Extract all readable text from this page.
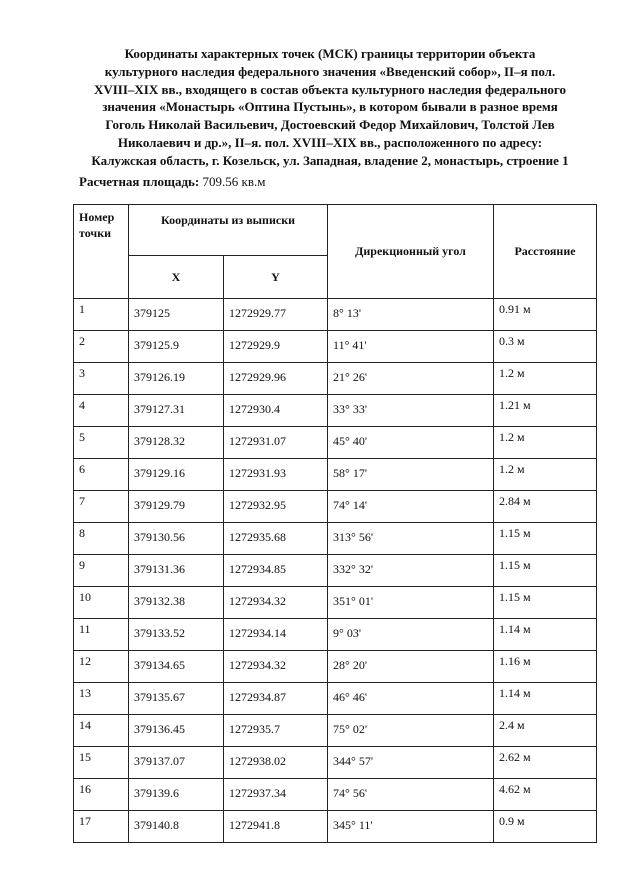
Координаты характерных точек (МСК) границы территории объекта
культурного наследия федерального значения «Введенский собор», II–я пол.
XVIII–XIX вв., входящего в состав объекта культурного наследия федерального
значения «Монастырь «Оптина Пустынь», в котором бывали в разное время
Гоголь Николай Васильевич, Достоевский Федор Михайлович, Толстой Лев
Николаевич и др.», II–я. пол. XVIII–XIX вв., расположенного по адресу:
Калужская область, г. Козельск, ул. Западная, владение 2, монастырь, строение 1
Расчетная площадь: 709.56 кв.м
Номер точки	Координаты из выписки		Дирекционный угол	Расстояние
	X	Y		
1	379125	1272929.77	8° 13'	0.91 м
2	379125.9	1272929.9	11° 41'	0.3 м
3	379126.19	1272929.96	21° 26'	1.2 м
4	379127.31	1272930.4	33° 33'	1.21 м
5	379128.32	1272931.07	45° 40'	1.2 м
6	379129.16	1272931.93	58° 17'	1.2 м
7	379129.79	1272932.95	74° 14'	2.84 м
8	379130.56	1272935.68	313° 56'	1.15 м
9	379131.36	1272934.85	332° 32'	1.15 м
10	379132.38	1272934.32	351° 01'	1.15 м
11	379133.52	1272934.14	9° 03'	1.14 м
12	379134.65	1272934.32	28° 20'	1.16 м
13	379135.67	1272934.87	46° 46'	1.14 м
14	379136.45	1272935.7	75° 02'	2.4 м
15	379137.07	1272938.02	344° 57'	2.62 м
16	379139.6	1272937.34	74° 56'	4.62 м
17	379140.8	1272941.8	345° 11'	0.9 м
